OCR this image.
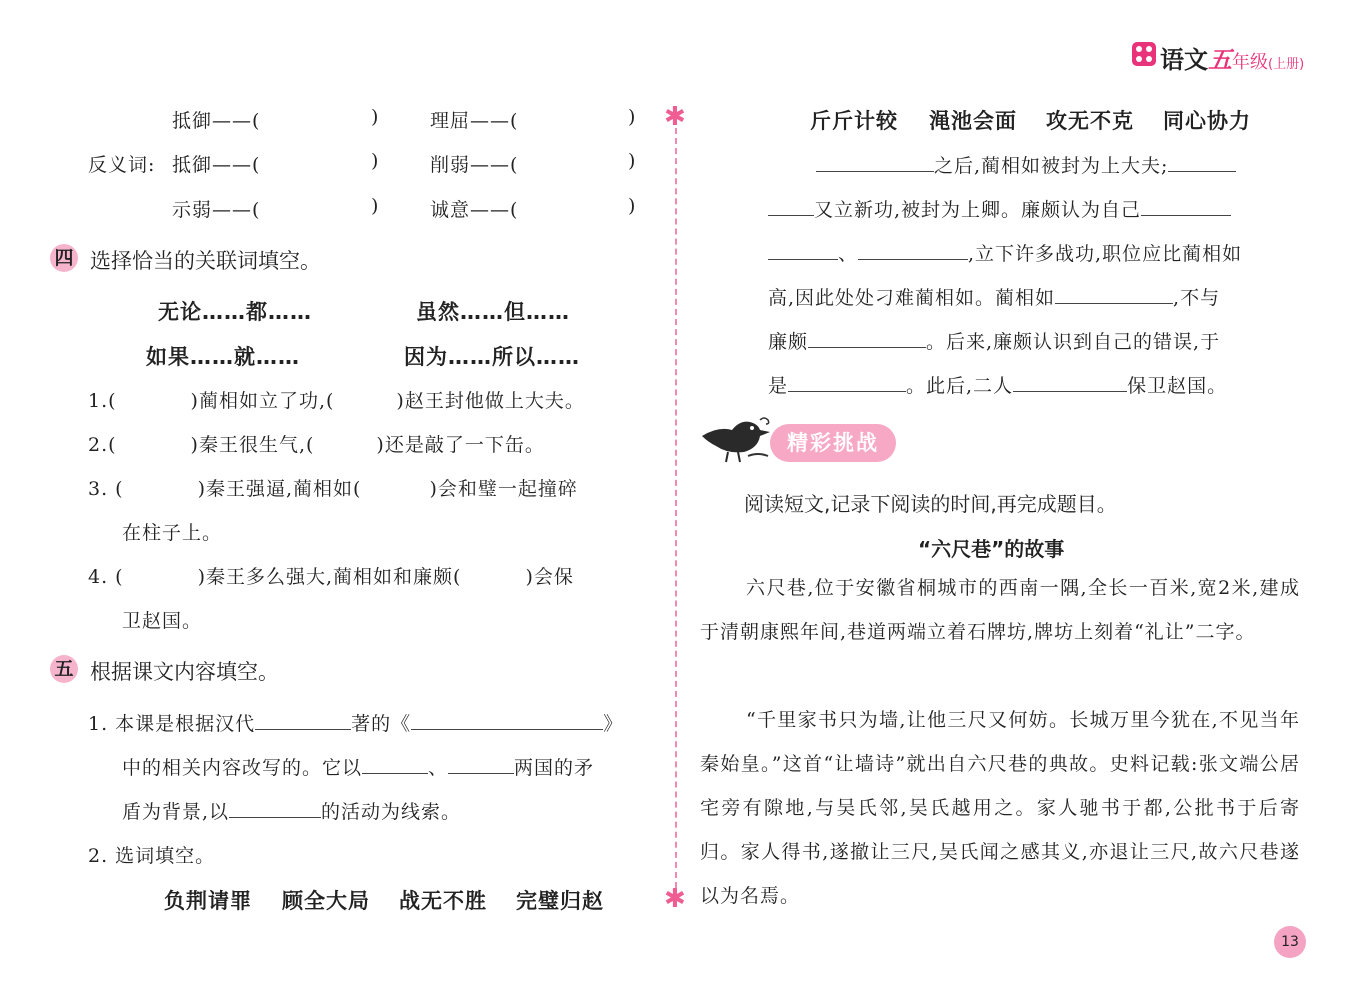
语文五年级(上册)
✱
✱
抵御——(	)	理屈——(	)
反义词: 抵御——(	)	削弱——(	)
示弱——(	)	诚意——(	)
四 选择恰当的关联词填空。
无论……都……	虽然……但……
如果……就……	因为……所以……
1.(	)蔺相如立了功,(	)赵王封他做上大夫。
2.(	)秦王很生气,(	)还是敲了一下缶。
3. (	)秦王强逼,蔺相如(	)会和璧一起撞碎
在柱子上。
4. (	)秦王多么强大,蔺相如和廉颇(	)会保
卫赵国。
五 根据课文内容填空。
1. 本课是根据汉代	著的《	》
中的相关内容改写的。它以	、	两国的矛
盾为背景,以	的活动为线索。
2. 选词填空。
负荆请罪 顾全大局 战无不胜 完璧归赵
斤斤计较 渑池会面 攻无不克 同心协力
之后,蔺相如被封为上大夫;
又立新功,被封为上卿。廉颇认为自己
、	,立下许多战功,职位应比蔺相如
高,因此处处刁难蔺相如。蔺相如	,不与
廉颇	。后来,廉颇认识到自己的错误,于
是	。此后,二人	保卫赵国。
精彩挑战
阅读短文,记录下阅读的时间,再完成题目。
“六尺巷”的故事
六尺巷,位于安徽省桐城市的西南一隅,全长一百米,宽2米,建成于清朝康熙年间,巷道两端立着石牌坊,牌坊上刻着“礼让”二字。
“千里家书只为墙,让他三尺又何妨。长城万里今犹在,不见当年秦始皇。”这首“让墙诗”就出自六尺巷的典故。史料记载:张文端公居宅旁有隙地,与吴氏邻,吴氏越用之。家人驰书于都,公批书于后寄归。家人得书,遂撤让三尺,吴氏闻之感其义,亦退让三尺,故六尺巷遂以为名焉。
13
